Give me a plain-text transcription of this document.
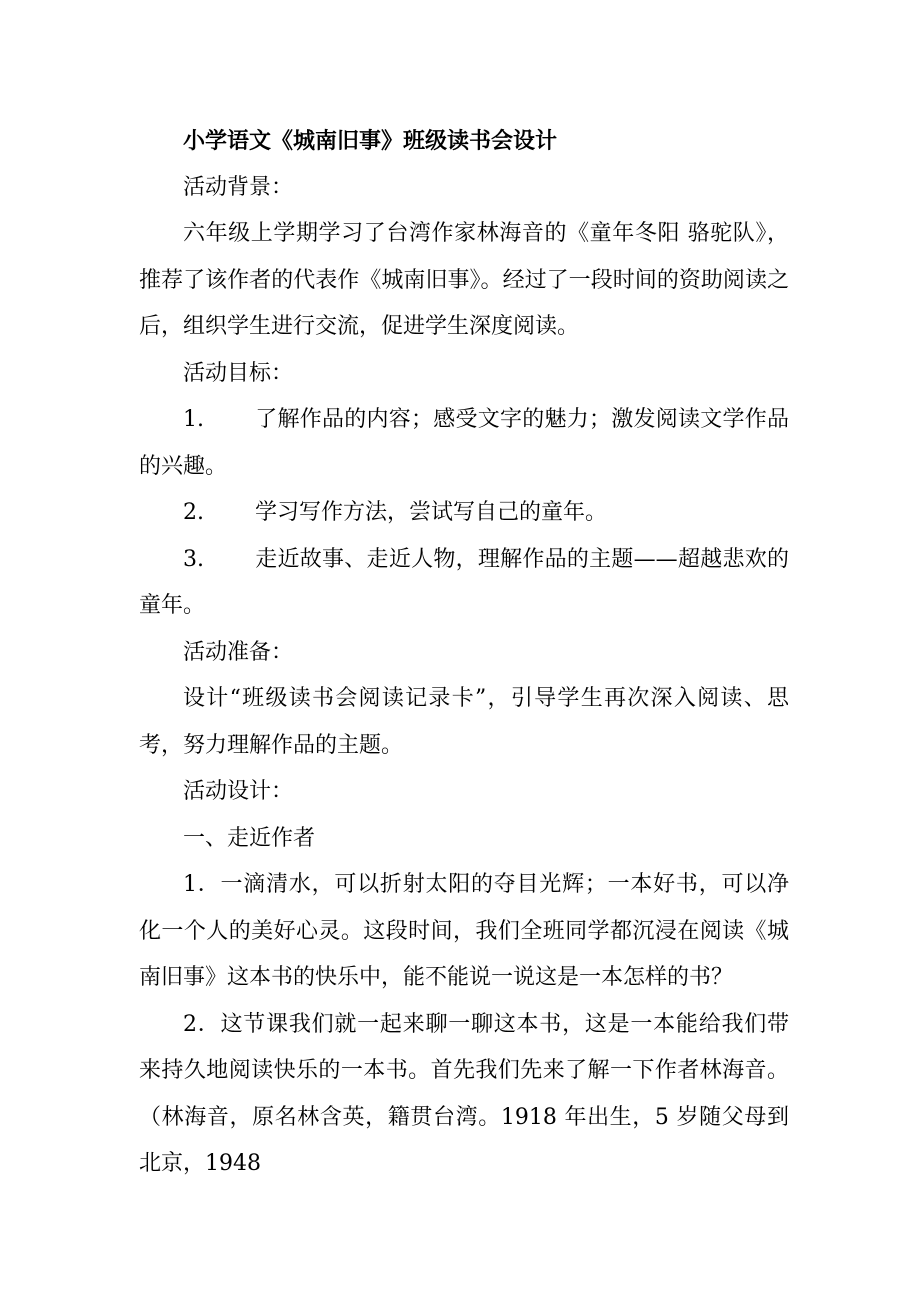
小学语文《城南旧事》班级读书会设计

活动背景：

六年级上学期学习了台湾作家林海音的《童年冬阳 骆驼队》，推荐了该作者的代表作《城南旧事》。经过了一段时间的资助阅读之后，组织学生进行交流，促进学生深度阅读。

活动目标：

1. 了解作品的内容；感受文字的魅力；激发阅读文学作品的兴趣。

2. 学习写作方法，尝试写自己的童年。

3. 走近故事、走近人物，理解作品的主题——超越悲欢的童年。

活动准备：

设计“班级读书会阅读记录卡”，引导学生再次深入阅读、思考，努力理解作品的主题。

活动设计：

一、走近作者

1．一滴清水，可以折射太阳的夺目光辉；一本好书，可以净化一个人的美好心灵。这段时间，我们全班同学都沉浸在阅读《城南旧事》这本书的快乐中，能不能说一说这是一本怎样的书？

2．这节课我们就一起来聊一聊这本书，这是一本能给我们带来持久地阅读快乐的一本书。首先我们先来了解一下作者林海音。（林海音，原名林含英，籍贯台湾。1918 年出生，5 岁随父母到北京，1948
